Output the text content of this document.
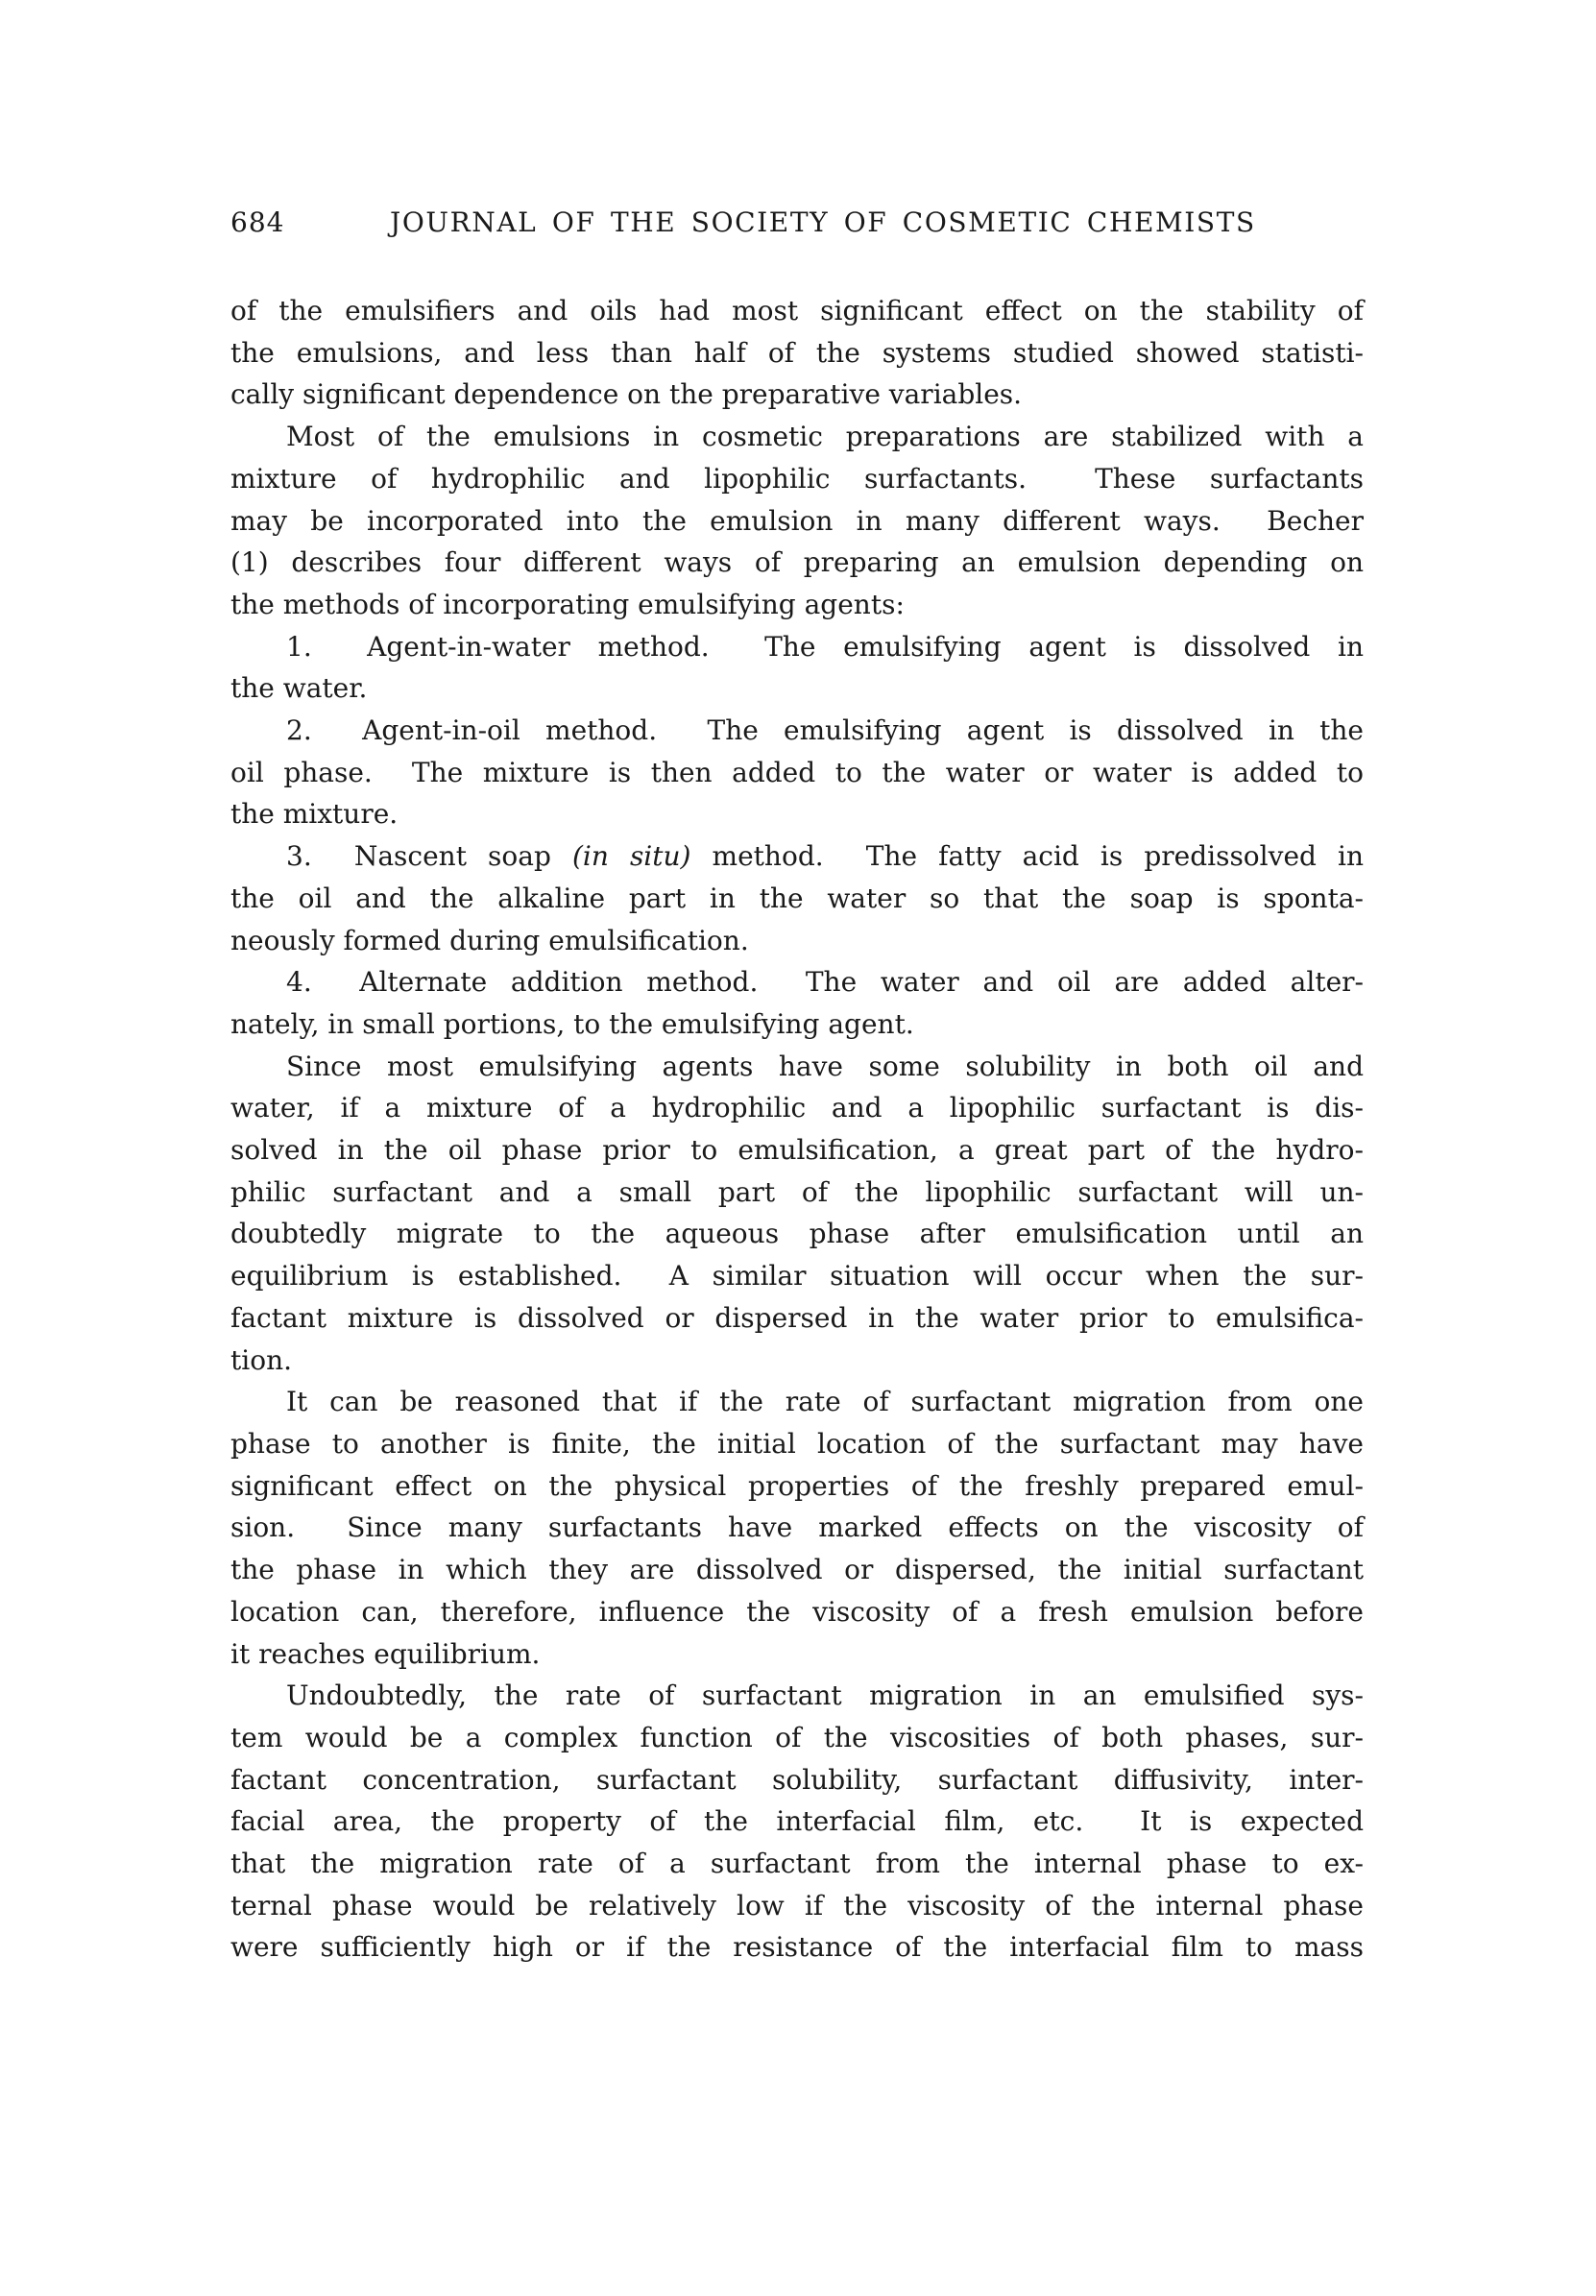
684	JOURNAL OF THE SOCIETY OF COSMETIC CHEMISTS
of the emulsifiers and oils had most significant effect on the stability of
the emulsions, and less than half of the systems studied showed statisti-
cally significant dependence on the preparative variables.
Most of the emulsions in cosmetic preparations are stabilized with a
mixture of hydrophilic and lipophilic surfactants.  These surfactants
may be incorporated into the emulsion in many different ways.  Becher
(1) describes four different ways of preparing an emulsion depending on
the methods of incorporating emulsifying agents:
1.  Agent-in-water method.  The emulsifying agent is dissolved in
the water.
2.  Agent-in-oil method.  The emulsifying agent is dissolved in the
oil phase.  The mixture is then added to the water or water is added to
the mixture.
3.  Nascent soap (in situ) method.  The fatty acid is predissolved in
the oil and the alkaline part in the water so that the soap is sponta-
neously formed during emulsification.
4.  Alternate addition method.  The water and oil are added alter-
nately, in small portions, to the emulsifying agent.
Since most emulsifying agents have some solubility in both oil and
water, if a mixture of a hydrophilic and a lipophilic surfactant is dis-
solved in the oil phase prior to emulsification, a great part of the hydro-
philic surfactant and a small part of the lipophilic surfactant will un-
doubtedly migrate to the aqueous phase after emulsification until an
equilibrium is established.  A similar situation will occur when the sur-
factant mixture is dissolved or dispersed in the water prior to emulsifica-
tion.
It can be reasoned that if the rate of surfactant migration from one
phase to another is finite, the initial location of the surfactant may have
significant effect on the physical properties of the freshly prepared emul-
sion.  Since many surfactants have marked effects on the viscosity of
the phase in which they are dissolved or dispersed, the initial surfactant
location can, therefore, influence the viscosity of a fresh emulsion before
it reaches equilibrium.
Undoubtedly, the rate of surfactant migration in an emulsified sys-
tem would be a complex function of the viscosities of both phases, sur-
factant concentration, surfactant solubility, surfactant diffusivity, inter-
facial area, the property of the interfacial film, etc.  It is expected
that the migration rate of a surfactant from the internal phase to ex-
ternal phase would be relatively low if the viscosity of the internal phase
were sufficiently high or if the resistance of the interfacial film to mass
